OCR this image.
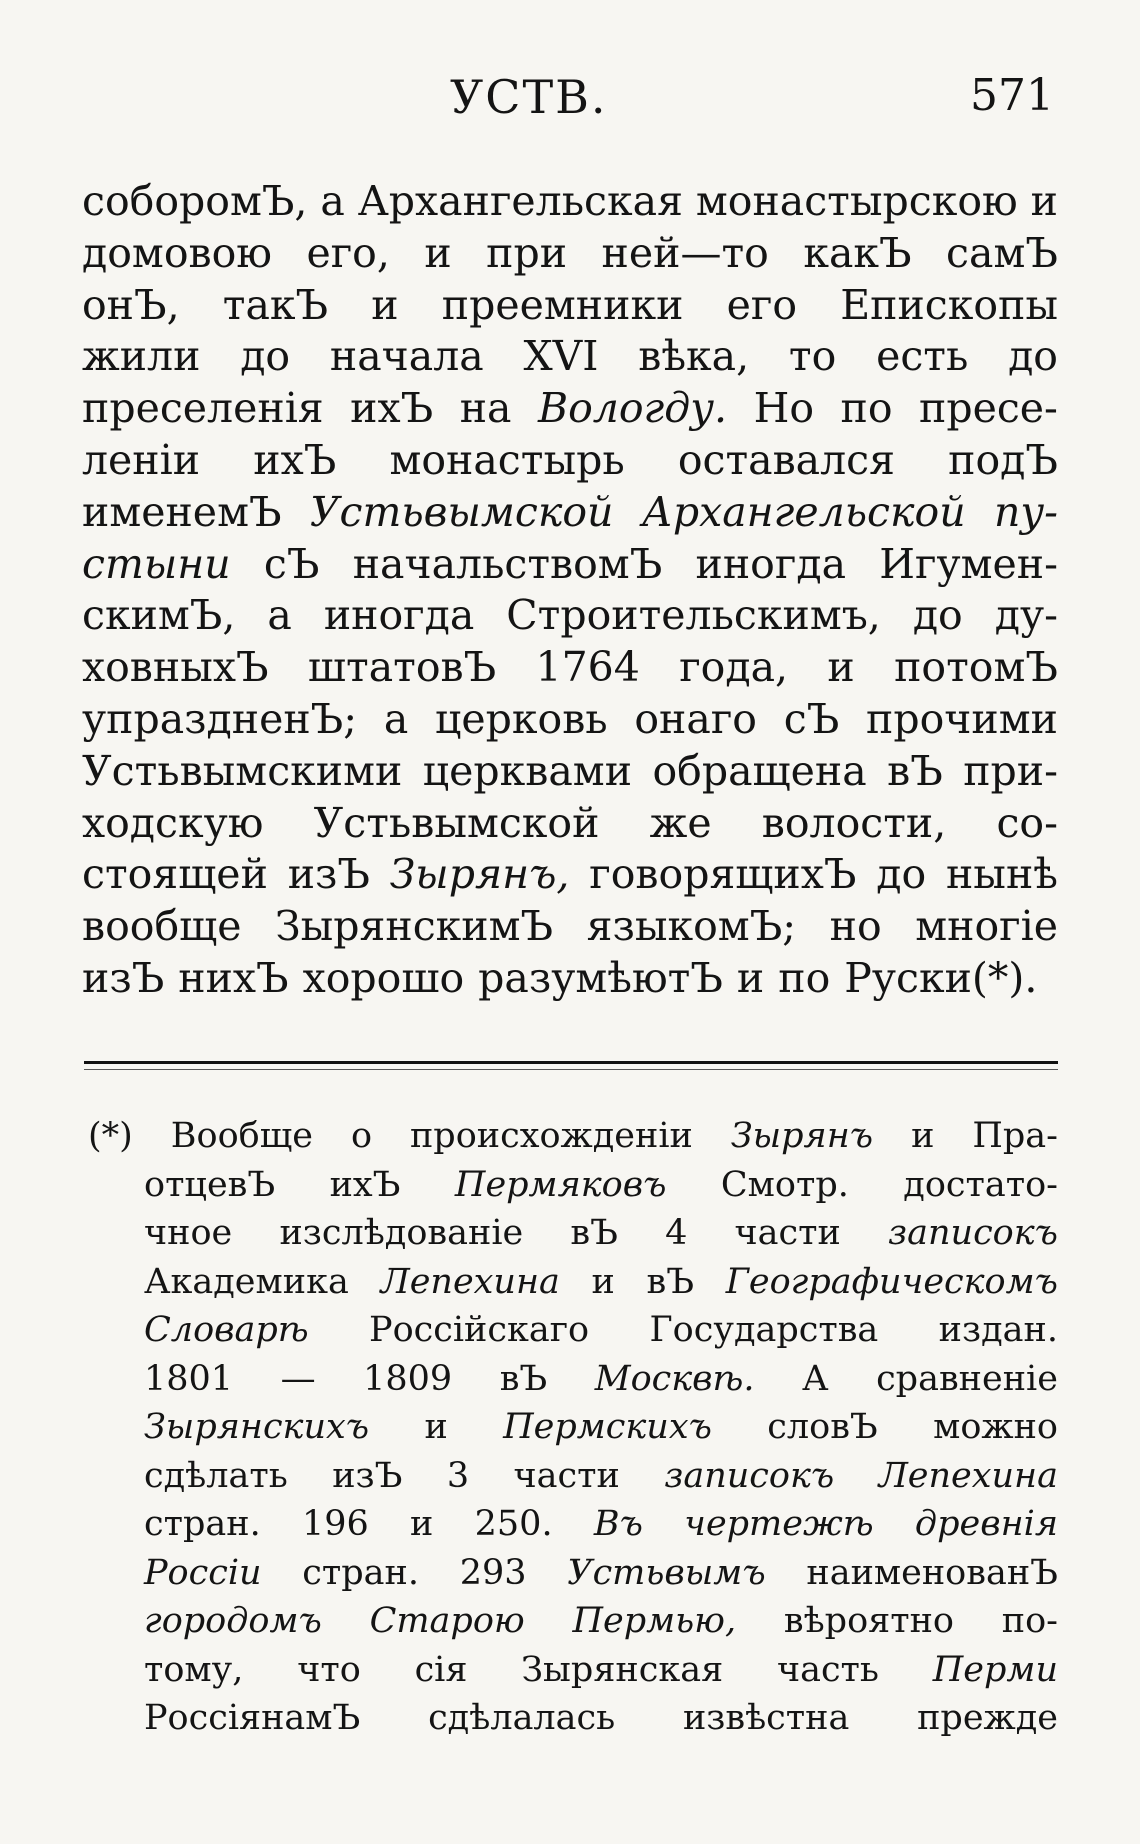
УСТВ.	571
соборомЪ, а Архангельская монастырскою и
домовою его, и при ней—то какЪ самЪ
онЪ, такЪ и преемники его Епископы
жили до начала XVI вѣка, то есть до
преселенія ихЪ на Вологду. Но по пресе-
леніи ихЪ монастырь оставался подЪ
именемЪ Устьвымской Архангельской пу-
стыни сЪ начальствомЪ иногда Игумен-
скимЪ, а иногда Строительскимъ, до ду-
ховныхЪ штатовЪ 1764 года, и потомЪ
упраздненЪ; а церковь онаго сЪ прочими
Устьвымскими церквами обращена вЪ при-
ходскую Устьвымской же волости, со-
стоящей изЪ Зырянъ, говорящихЪ до нынѣ
вообще ЗырянскимЪ языкомЪ; но многіе
изЪ нихЪ хорошо разумѣютЪ и по Руски(*).
(*) Вообще о происхожденіи Зырянъ и Пра-
отцевЪ ихЪ Пермяковъ Смотр. достато-
чное изслѣдованіе вЪ 4 части записокъ
Академика Лепехина и вЪ Географическомъ
Словарѣ Россійскаго Государства издан.
1801 — 1809 вЪ Москвѣ. А сравненіе
Зырянскихъ и Пермскихъ словЪ можно
сдѣлать изЪ 3 части записокъ Лепехина
стран. 196 и 250. Въ чертежѣ древнія
Россіи стран. 293 Устьвымъ наименованЪ
городомъ Старою Пермью, вѣроятно по-
тому, что сія Зырянская часть Перми
РоссіянамЪ сдѣлалась извѣстна прежде
